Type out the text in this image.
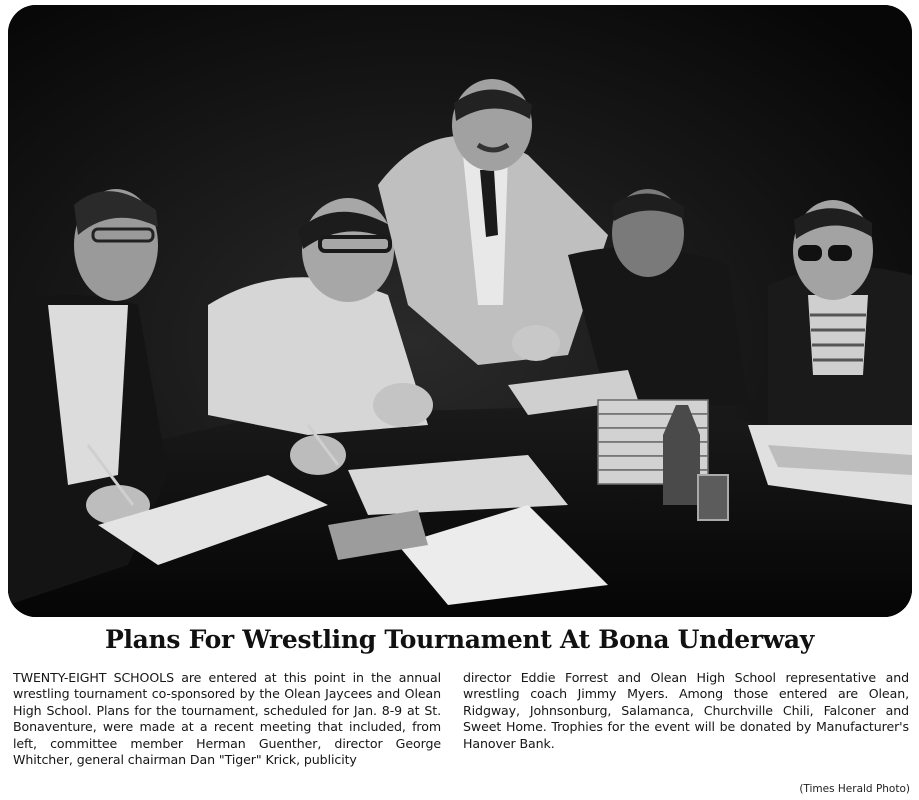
Plans For Wrestling Tournament At Bona Underway
TWENTY-EIGHT SCHOOLS are entered at this point in the annual wrestling tournament co-sponsored by the Olean Jaycees and Olean High School. Plans for the tournament, scheduled for Jan. 8-9 at St. Bonaventure, were made at a recent meeting that included, from left, committee member Herman Guenther, director George Whitcher, general chairman Dan "Tiger" Krick, publicity
director Eddie Forrest and Olean High School representative and wrestling coach Jimmy Myers. Among those entered are Olean, Ridgway, Johnsonburg, Salamanca, Churchville Chili, Falconer and Sweet Home. Trophies for the event will be donated by Manufacturer's Hanover Bank.
(Times Herald Photo)
